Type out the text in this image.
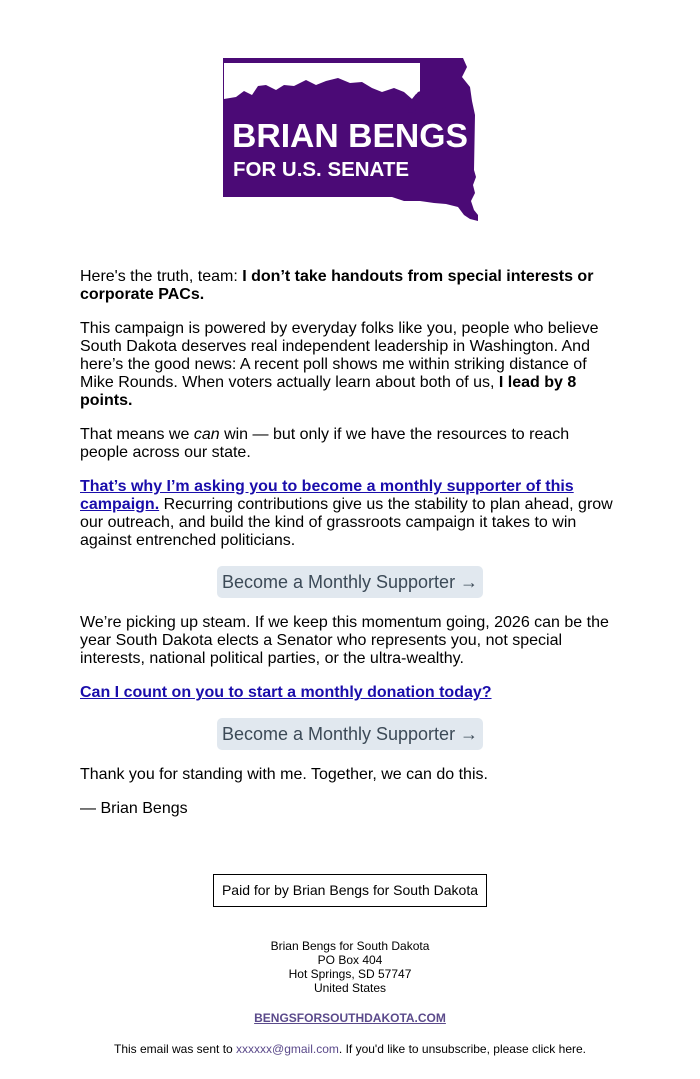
BRIAN BENGS
FOR U.S. SENATE

Here's the truth, team: I don’t take handouts from special interests or corporate PACs.

This campaign is powered by everyday folks like you, people who believe South Dakota deserves real independent leadership in Washington. And here’s the good news: A recent poll shows me within striking distance of Mike Rounds. When voters actually learn about both of us, I lead by 8 points.

That means we can win — but only if we have the resources to reach people across our state.

That’s why I’m asking you to become a monthly supporter of this campaign. Recurring contributions give us the stability to plan ahead, grow our outreach, and build the kind of grassroots campaign it takes to win against entrenched politicians.

Become a Monthly Supporter →

We’re picking up steam. If we keep this momentum going, 2026 can be the year South Dakota elects a Senator who represents you, not special interests, national political parties, or the ultra-wealthy.

Can I count on you to start a monthly donation today?

Become a Monthly Supporter →

Thank you for standing with me. Together, we can do this.

— Brian Bengs

Paid for by Brian Bengs for South Dakota
Brian Bengs for South Dakota
PO Box 404
Hot Springs, SD 57747
United States
BENGSFORSOUTHDAKOTA.COM
This email was sent to xxxxxx@gmail.com. If you'd like to unsubscribe, please click here.
